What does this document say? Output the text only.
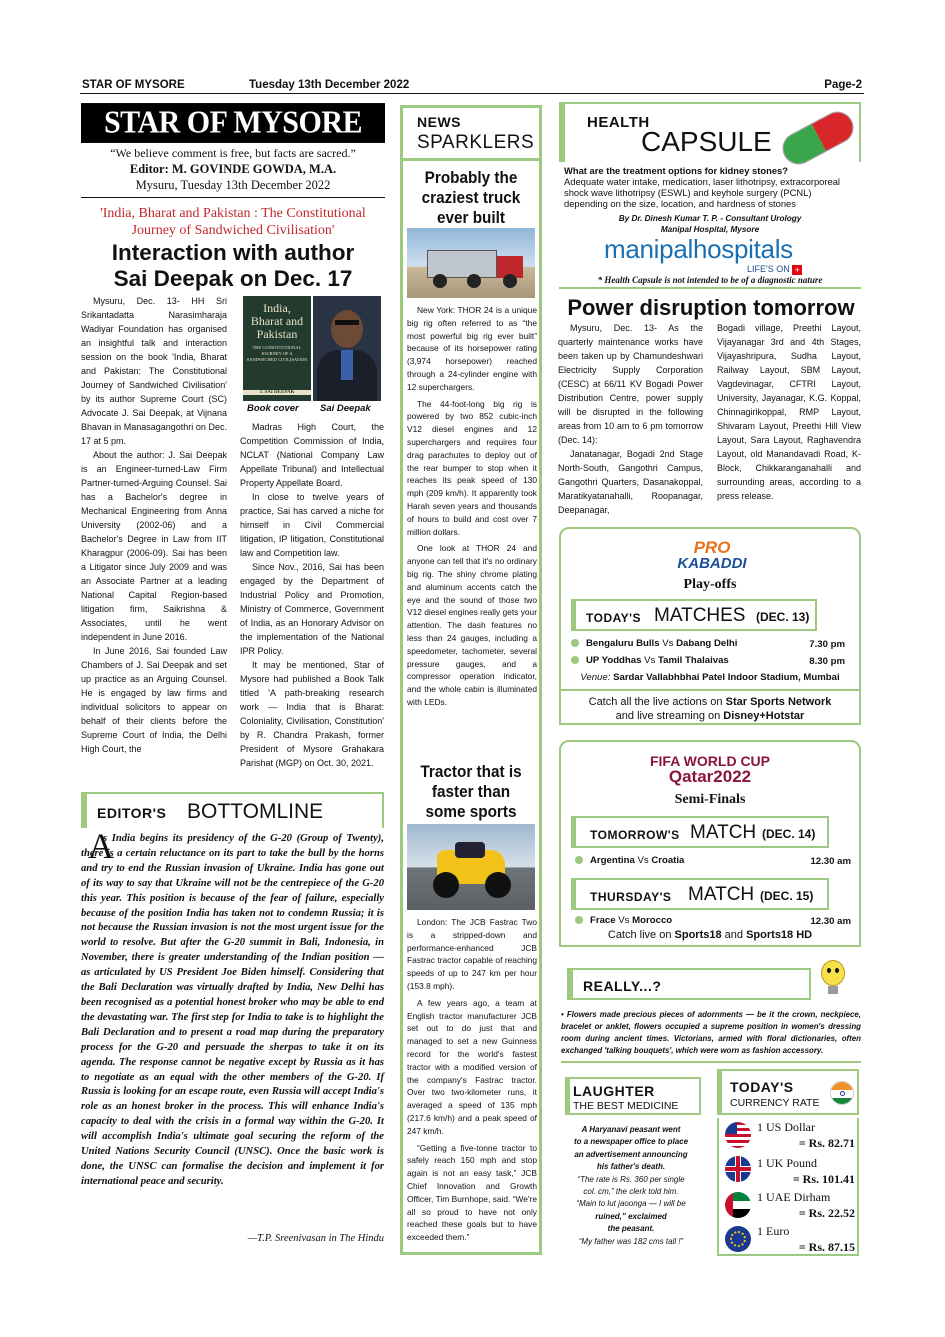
STAR OF MYSORE	Tuesday 13th December 2022	Page-2
STAR OF MYSORE
“We believe comment is free, but facts are sacred.”
Editor: M. GOVINDE GOWDA, M.A.
Mysuru, Tuesday 13th December 2022
'India, Bharat and Pakistan : The Constitutional Journey of Sandwiched Civilisation'
Interaction with author
Sai Deepak on Dec. 17
India, Bharat and Pakistan
THE CONSTITUTIONAL JOURNEY OF A SANDWICHED CIVILISATION
J. SAI DEEPAK
Book cover Sai Deepak

Mysuru, Dec. 13- HH Sri Srikantadatta Narasimharaja Wadiyar Foundation has organised an insightful talk and interaction session on the book 'India, Bharat and Pakistan: The Constitutional Journey of Sandwiched Civilisation' by its author Supreme Court (SC) Advocate J. Sai Deepak, at Vijnana Bhavan in Manasagangothri on Dec. 17 at 5 pm.

About the author: J. Sai Deepak is an Engineer-turned-Law Firm Partner-turned-Arguing Counsel. Sai has a Bachelor's degree in Mechanical Engineering from Anna University (2002-06) and a Bachelor's Degree in Law from IIT Kharagpur (2006-09). Sai has been a Litigator since July 2009 and was an Associate Partner at a leading National Capital Region-based litigation firm, Saikrishna & Associates, until he went independent in June 2016.

In June 2016, Sai founded Law Chambers of J. Sai Deepak and set up practice as an Arguing Counsel. He is engaged by law firms and individual solicitors to appear on behalf of their clients before the Supreme Court of India, the Delhi High Court, the

Madras High Court, the Competition Commission of India, NCLAT (National Company Law Appellate Tribunal) and Intellectual Property Appellate Board.

In close to twelve years of practice, Sai has carved a niche for himself in Civil Commercial litigation, IP litigation, Constitutional law and Competition law.

Since Nov., 2016, Sai has been engaged by the Department of Industrial Policy and Promotion, Ministry of Commerce, Government of India, as an Honorary Advisor on the implementation of the National IPR Policy.

It may be mentioned, Star of Mysore had published a Book Talk titled 'A path-breaking research work — India that is Bharat: Coloniality, Civilisation, Constitution' by R. Chandra Prakash, former President of Mysore Grahakara Parishat (MGP) on Oct. 30, 2021.

EDITOR'S BOTTOMLINE
A
s India begins its presidency of the G-20 (Group of Twenty), there is a certain reluctance on its part to take the bull by the horns and try to end the Russian invasion of Ukraine. India has gone out of its way to say that Ukraine will not be the centrepiece of the G-20 this year. This position is because of the fear of failure, especially because of the position India has taken not to condemn Russia; it is not because the Russian invasion is not the most urgent issue for the world to resolve. But after the G-20 summit in Bali, Indonesia, in November, there is greater understanding of the Indian position — as articulated by US President Joe Biden himself. Considering that the Bali Declaration was virtually drafted by India, New Delhi has been recognised as a potential honest broker who may be able to end the devastating war. The first step for India to take is to highlight the Bali Declaration and to present a road map during the preparatory process for the G-20 and persuade the sherpas to take it on its agenda. The response cannot be negative except by Russia as it has to negotiate as an equal with the other members of the G-20. If Russia is looking for an escape route, even Russia will accept India's role as an honest broker in the process. This will enhance India's capacity to deal with the crisis in a formal way within the G-20. It will accomplish India's ultimate goal securing the reform of the United Nations Security Council (UNSC). Once the basic work is done, the UNSC can formalise the decision and implement it for international peace and security.
—T.P. Sreenivasan in The Hindu
NEWS
SPARKLERS
Probably the craziest truck ever built

New York: THOR 24 is a unique big rig often referred to as “the most powerful big rig ever built” because of its horsepower rating (3,974 horsepower) reached through a 24-cylinder engine with 12 superchargers.

The 44-foot-long big rig is powered by two 852 cubic-inch V12 diesel engines and 12 superchargers and requires four drag parachutes to deploy out of the rear bumper to stop when it reaches its peak speed of 130 mph (209 km/h). It apparently took Harah seven years and thousands of hours to build and cost over 7 million dollars.

One look at THOR 24 and anyone can tell that it's no ordinary big rig. The shiny chrome plating and aluminum accents catch the eye and the sound of those two V12 diesel engines really gets your attention. The dash features no less than 24 gauges, including a speedometer, tachometer, several pressure gauges, and a compressor operation indicator, and the whole cabin is illuminated with LEDs.

Tractor that is faster than some sports

London: The JCB Fastrac Two is a stripped-down and performance-enhanced JCB Fastrac tractor capable of reaching speeds of up to 247 km per hour (153.8 mph).

A few years ago, a team at English tractor manufacturer JCB set out to do just that and managed to set a new Guinness record for the world's fastest tractor with a modified version of the company's Fastrac tractor. Over two two-kilometer runs, it averaged a speed of 135 mph (217.6 km/h) and a peak speed of 247 km/h.

“Getting a five-tonne tractor to safely reach 150 mph and stop again is not an easy task,” JCB Chief Innovation and Growth Officer, Tim Burnhope, said. “We're all so proud to have not only reached these goals but to have exceeded them.”

HEALTH
CAPSULE
What are the treatment options for kidney stones?
Adequate water intake, medication, laser lithotripsy, extracorporeal shock wave lithotripsy (ESWL) and keyhole surgery (PCNL) depending on the size, location, and hardness of stones
By Dr. Dinesh Kumar T. P. - Consultant Urology
Manipal Hospital, Mysore
manipalhospitals
LIFE'S ON +
* Health Capsule is not intended to be of a diagnostic nature
Power disruption tomorrow

Mysuru, Dec. 13- As the quarterly maintenance works have been taken up by Chamundeshwari Electricity Supply Corporation (CESC) at 66/11 KV Bogadi Power Distribution Centre, power supply will be disrupted in the following areas from 10 am to 6 pm tomorrow (Dec. 14):

Janatanagar, Bogadi 2nd Stage North-South, Gangothri Campus, Gangothri Quarters, Dasanakoppal, Maratikyatanahalli, Roopanagar, Deepanagar,

Bogadi village, Preethi Layout, Vijayanagar 3rd and 4th Stages, Vijayashripura, Sudha Layout, Railway Layout, SBM Layout, Vagdevinagar, CFTRI Layout, University, Jayanagar, K.G. Koppal, Chinnagirikoppal, RMP Layout, Shivaram Layout, Preethi Hill View Layout, Sara Layout, Raghavendra Layout, old Manandavadi Road, K-Block, Chikkaranganahalli and surrounding areas, according to a press release.

PRO
KABADDI
Play-offs
TODAY'S MATCHES (DEC. 13)
Bengaluru Bulls Vs Dabang Delhi	7.30 pm
UP Yoddhas Vs Tamil Thalaivas	8.30 pm
Venue: Sardar Vallabhbhai Patel Indoor Stadium, Mumbai
Catch all the live actions on Star Sports Network
and live streaming on Disney+Hotstar
FIFA WORLD CUP
Qatar2022
Semi-Finals
TOMORROW'S MATCH (DEC. 14)
Argentina Vs Croatia	12.30 am
THURSDAY'S MATCH (DEC. 15)
Frace Vs Morocco	12.30 am
Catch live on Sports18 and Sports18 HD
REALLY...?
• Flowers made precious pieces of adornments — be it the crown, neckpiece, bracelet or anklet, flowers occupied a supreme position in women's dressing room during ancient times. Victorians, armed with floral dictionaries, often exchanged 'talking bouquets', which were worn as fashion accessory.
LAUGHTER
THE BEST MEDICINE
A Haryanavi peasant went
to a newspaper office to place
an advertisement announcing
his father's death.
“The rate is Rs. 360 per single
col. cm,” the clerk told him.
“Main to lut jaoonga — I will be
ruined,” exclaimed
the peasant.
“My father was 182 cms tall !”
TODAY'S
CURRENCY RATE
1 US Dollar
= Rs. 82.71
1 UK Pound
= Rs. 101.41
1 UAE Dirham
= Rs. 22.52
1 Euro
= Rs. 87.15
